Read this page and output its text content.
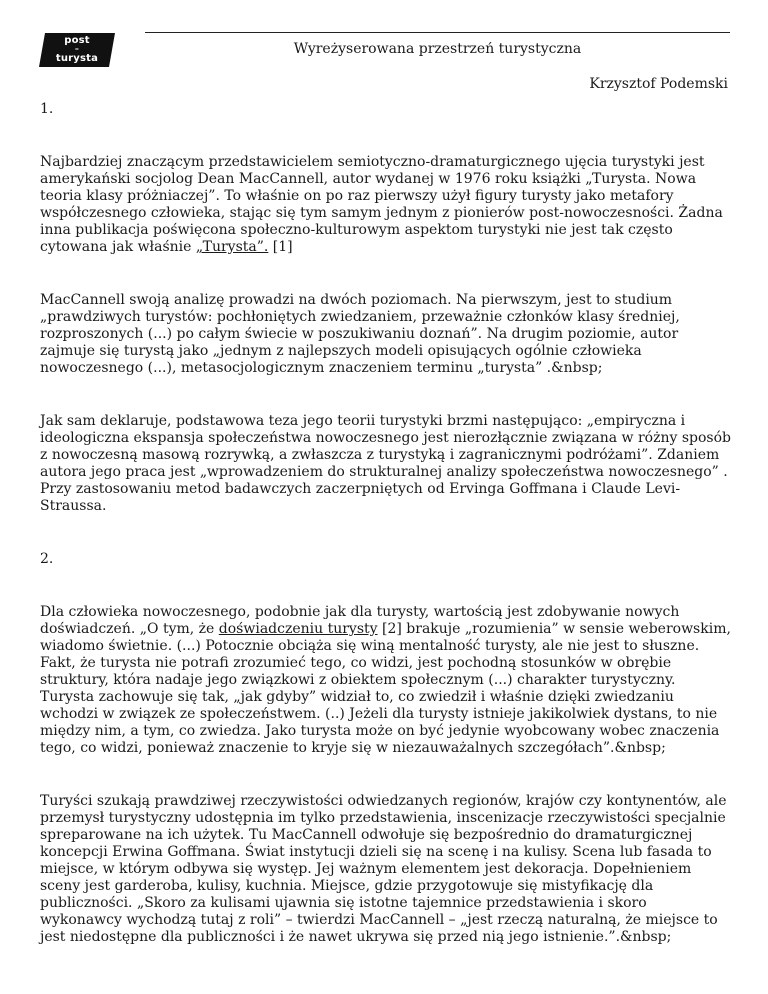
post
–
turysta
Wyreżyserowana przestrzeń turystyczna
Krzysztof Podemski

1.

Najbardziej znaczącym przedstawicielem semiotyczno-dramaturgicznego ujęcia turystyki jest amerykański socjolog Dean MacCannell, autor wydanej w 1976 roku książki „Turysta. Nowa teoria klasy próżniaczej”. To właśnie on po raz pierwszy użył figury turysty jako metafory współczesnego człowieka, stając się tym samym jednym z pionierów post-nowoczesności. Żadna inna publikacja poświęcona społeczno-kulturowym aspektom turystyki nie jest tak często cytowana jak właśnie „Turysta”. [1]

MacCannell swoją analizę prowadzi na dwóch poziomach. Na pierwszym, jest to studium „prawdziwych turystów: pochłoniętych zwiedzaniem, przeważnie członków klasy średniej, rozproszonych (...) po całym świecie w poszukiwaniu doznań”. Na drugim poziomie, autor zajmuje się turystą jako „jednym z najlepszych modeli opisujących ogólnie człowieka nowoczesnego (...), metasocjologicznym znaczeniem terminu „turysta” .&nbsp;

Jak sam deklaruje, podstawowa teza jego teorii turystyki brzmi następująco: „empiryczna i ideologiczna ekspansja społeczeństwa nowoczesnego jest nierozłącznie związana w różny sposób z nowoczesną masową rozrywką, a zwłaszcza z turystyką i zagranicznymi podróżami”. Zdaniem autora jego praca jest „wprowadzeniem do strukturalnej analizy społeczeństwa nowoczesnego” . Przy zastosowaniu metod badawczych zaczerpniętych od Ervinga Goffmana i Claude Levi-Straussa.

2.

Dla człowieka nowoczesnego, podobnie jak dla turysty, wartością jest zdobywanie nowych doświadczeń. „O tym, że doświadczeniu turysty [2] brakuje „rozumienia” w sensie weberowskim, wiadomo świetnie. (...) Potocznie obciąża się winą mentalność turysty, ale nie jest to słuszne. Fakt, że turysta nie potrafi zrozumieć tego, co widzi, jest pochodną stosunków w obrębie struktury, która nadaje jego związkowi z obiektem społecznym (...) charakter turystyczny. Turysta zachowuje się tak, „jak gdyby” widział to, co zwiedził i właśnie dzięki zwiedzaniu wchodzi w związek ze społeczeństwem. (..) Jeżeli dla turysty istnieje jakikolwiek dystans, to nie między nim, a tym, co zwiedza. Jako turysta może on być jedynie wyobcowany wobec znaczenia tego, co widzi, ponieważ znaczenie to kryje się w niezauważalnych szczegółach”.&nbsp;

Turyści szukają prawdziwej rzeczywistości odwiedzanych regionów, krajów czy kontynentów, ale przemysł turystyczny udostępnia im tylko przedstawienia, inscenizacje rzeczywistości specjalnie spreparowane na ich użytek. Tu MacCannell odwołuje się bezpośrednio do dramaturgicznej koncepcji Erwina Goffmana. Świat instytucji dzieli się na scenę i na kulisy. Scena lub fasada to miejsce, w którym odbywa się występ. Jej ważnym elementem jest dekoracja. Dopełnieniem sceny jest garderoba, kulisy, kuchnia. Miejsce, gdzie przygotowuje się mistyfikację dla publiczności. „Skoro za kulisami ujawnia się istotne tajemnice przedstawienia i skoro wykonawcy wychodzą tutaj z roli” – twierdzi MacCannell – „jest rzeczą naturalną, że miejsce to jest niedostępne dla publiczności i że nawet ukrywa się przed nią jego istnienie.”.&nbsp;
